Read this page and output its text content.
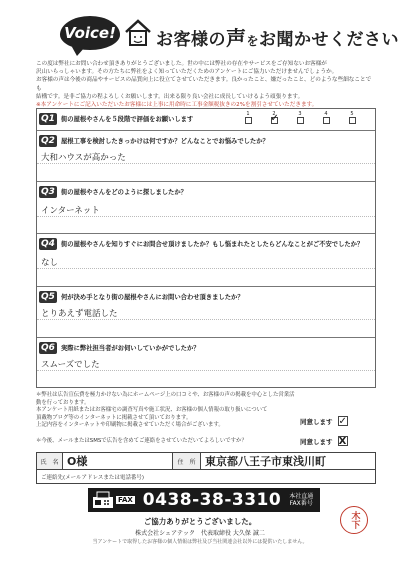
Voice! お客様の声をお聞かせください
この度は弊社にお問い合わせ頂きありがとうございました。世の中には弊社の存在やサービスをご存知ないお客様が
沢山いらっしゃいます。その方たちに弊社をよく知っていただくためのアンケートにご協力いただけませんでしょうか。
お客様の声は今後の商品やサービスの品質向上に役立てさせていただきます。良かったこと、嫌だったこと、どのような些細なことでも
結構です。是非ご協力の程よろしくお願いします。出来る限り良い会社に成長していけるよう頑張ります。
※本アンケートにご記入いただいたお客様には上事に用命時に工事金額税抜きの2%を割引させていただきます。
Q1 街の屋根やさんを５段階で評価をお願いします
1	2
✓	3	4	5
Q2 屋根工事を検討したきっかけは何ですか？どんなことでお悩みでしたか？
大和ハウスが高かった
Q3 街の屋根やさんをどのように探しましたか？
インターネット
Q4 街の屋根やさんを知りすぐにお問合せ頂けましたか？もし悩まれたとしたらどんなことがご不安でしたか？
なし
Q5 何が決め手となり街の屋根やさんにお問い合わせ頂きましたか？
とりあえず電話した
Q6 実際に弊社担当者がお伺いしていかがでしたか？
スムーズでした
＊弊社は広告宣伝費を極力かけない為にホームページ上の口コミや、お客様の声の掲載を中心とした営業活動を行っております。
本アンケート用紙またはお客様宅の調査写真や施工状況、お客様の個人情報の取り扱いについて
頂戴物ブログ等のインターネットに掲載させて頂いております。
上記内容をインターネットや印刷物に掲載させていただく場合がございます。
＊今後、メールまたはSMSで広告を含めてご連絡をさせていただいてよろしいですか？
同意します ✓
同意します X
氏　名 O様	住　所 東京都八王子市東浅川町
ご連絡先(メールアドレスまたは電話番号)
FAX 0438-38-3310 本社直通
FAX番号
ご協力ありがとうございました。
株式会社シェアテック　代表取締役 大久保 誠二
当アンケートで取得したお客様の個人情報は弊社及び当社関連会社以外には提供いたしません。
木下
